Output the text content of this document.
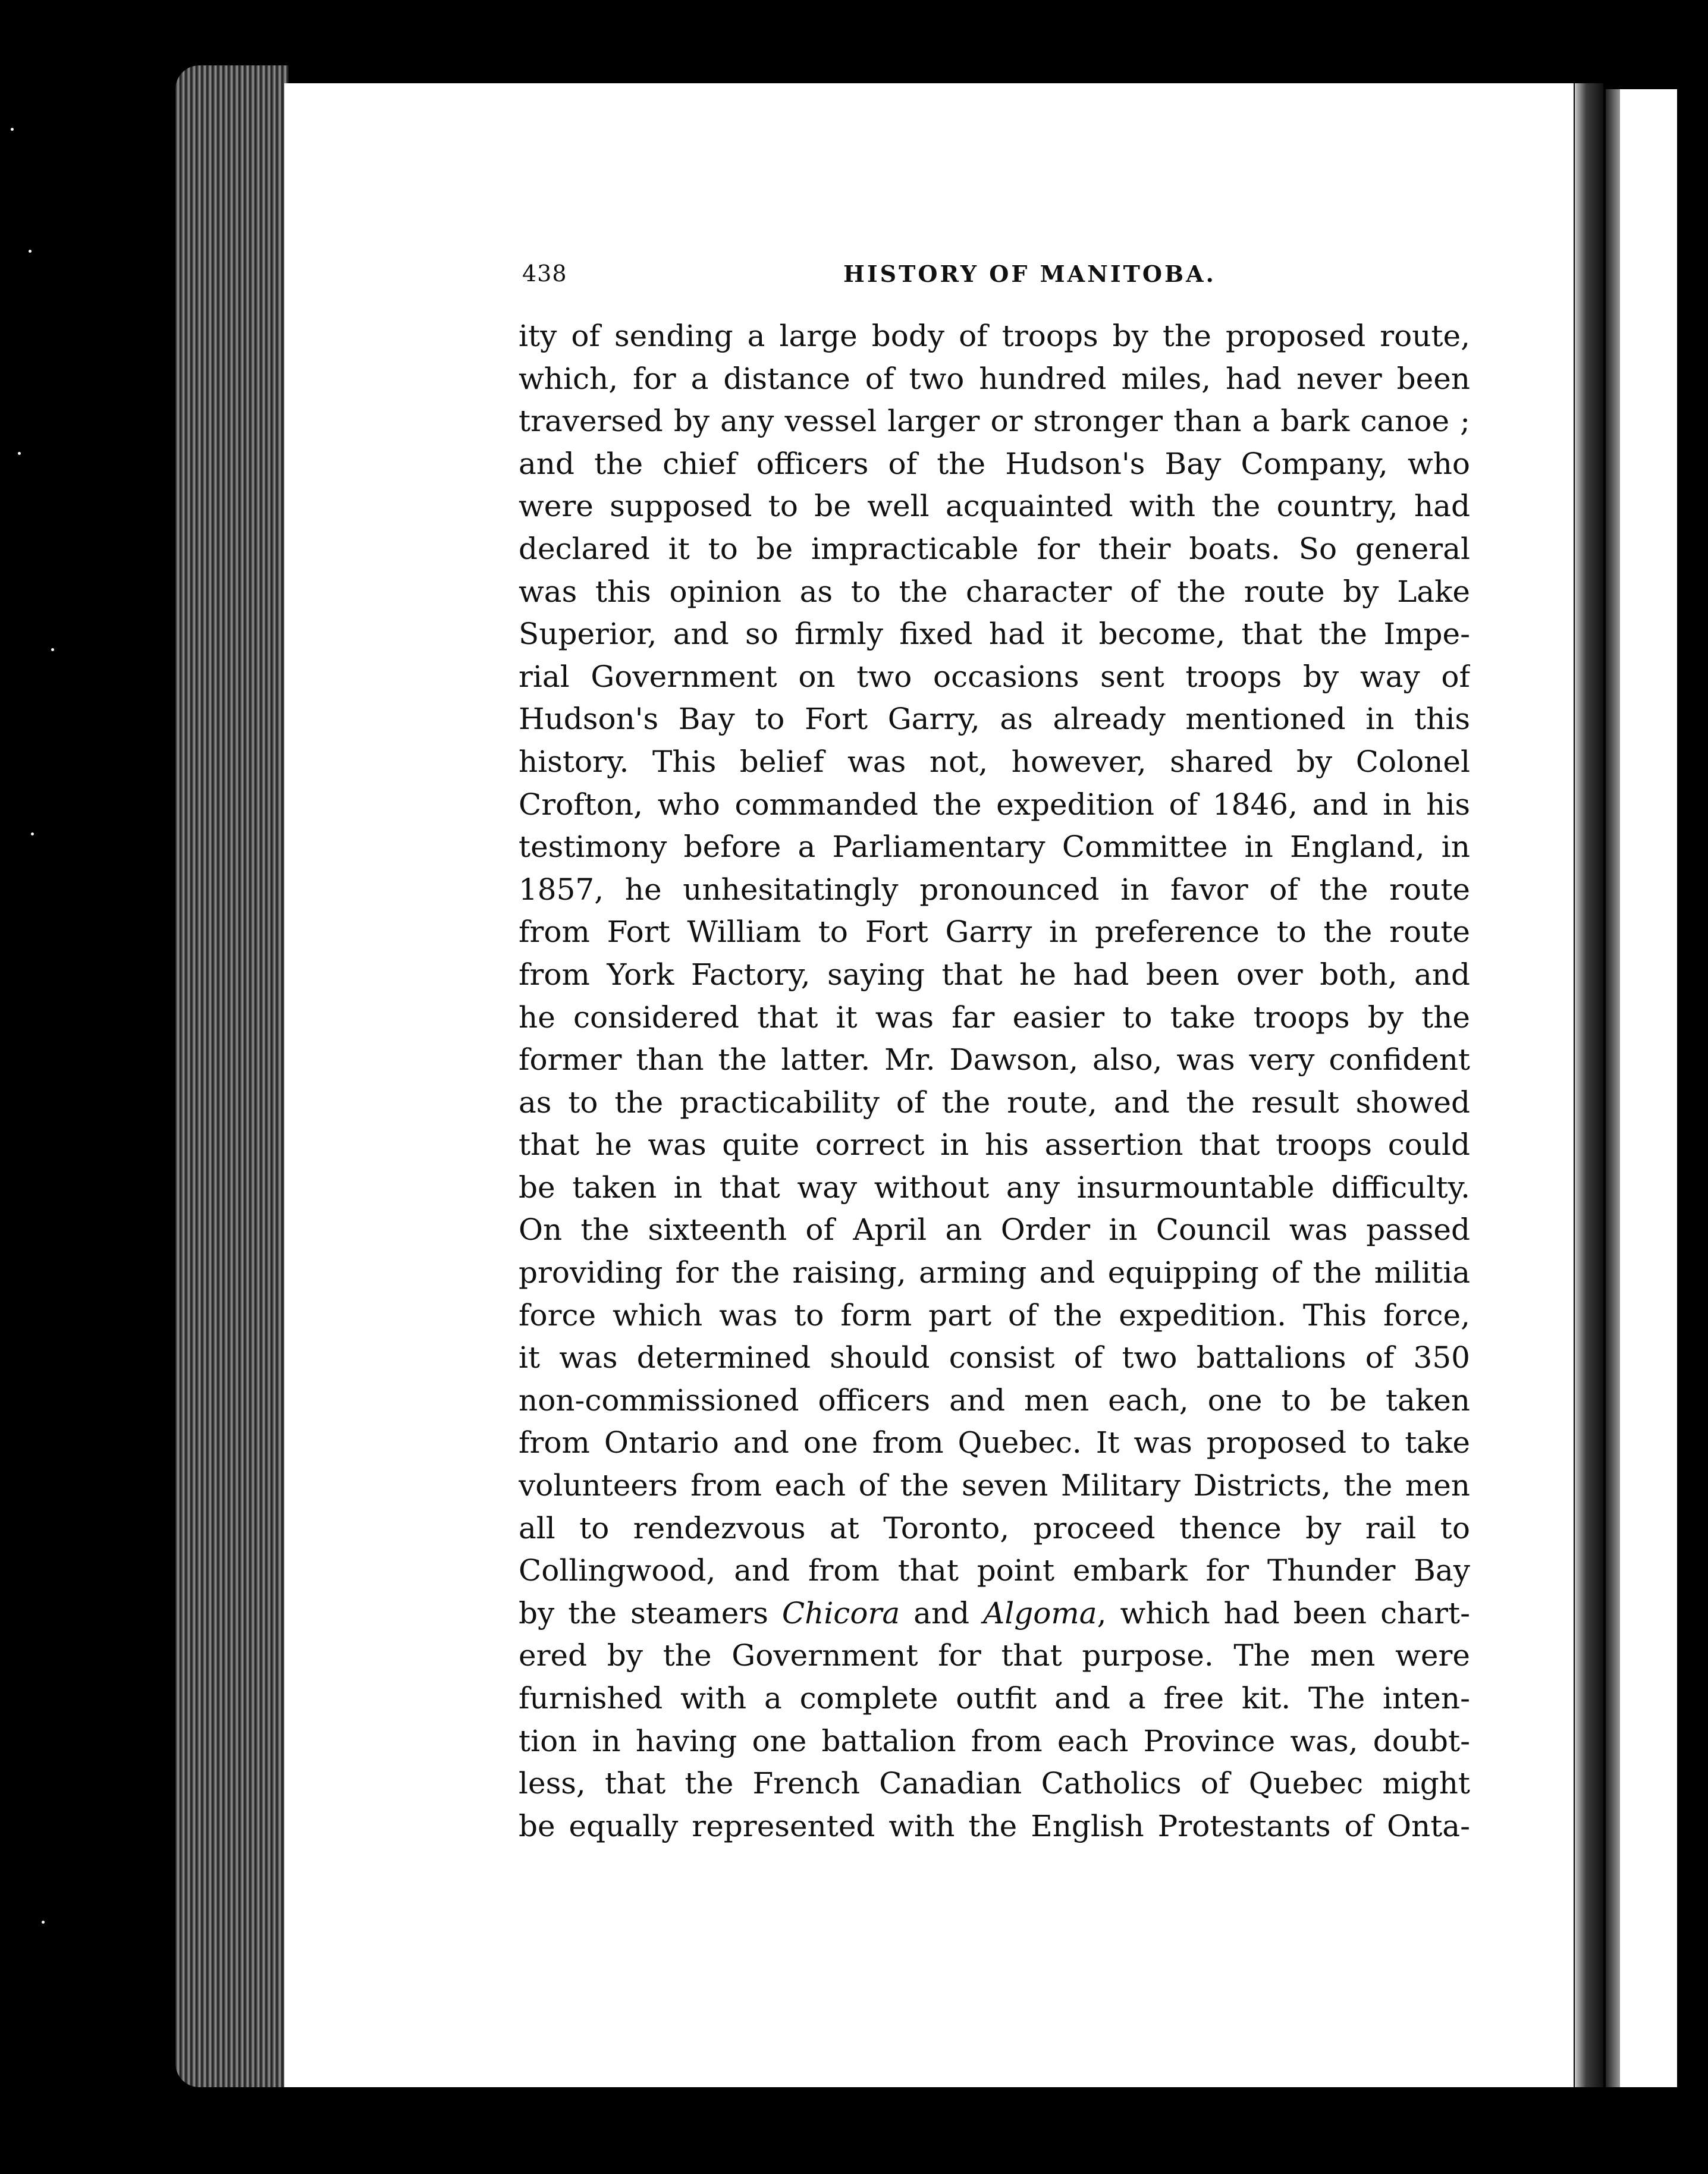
438	HISTORY OF MANITOBA.
ity of sending a large body of troops by the proposed route,
which, for a distance of two hundred miles, had never been
traversed by any vessel larger or stronger than a bark canoe ;
and the chief officers of the Hudson's Bay Company, who
were supposed to be well acquainted with the country, had
declared it to be impracticable for their boats. So general
was this opinion as to the character of the route by Lake
Superior, and so firmly fixed had it become, that the Impe-
rial Government on two occasions sent troops by way of
Hudson's Bay to Fort Garry, as already mentioned in this
history. This belief was not, however, shared by Colonel
Crofton, who commanded the expedition of 1846, and in his
testimony before a Parliamentary Committee in England, in
1857, he unhesitatingly pronounced in favor of the route
from Fort William to Fort Garry in preference to the route
from York Factory, saying that he had been over both, and
he considered that it was far easier to take troops by the
former than the latter. Mr. Dawson, also, was very confident
as to the practicability of the route, and the result showed
that he was quite correct in his assertion that troops could
be taken in that way without any insurmountable difficulty.
On the sixteenth of April an Order in Council was passed
providing for the raising, arming and equipping of the militia
force which was to form part of the expedition. This force,
it was determined should consist of two battalions of 350
non-commissioned officers and men each, one to be taken
from Ontario and one from Quebec. It was proposed to take
volunteers from each of the seven Military Districts, the men
all to rendezvous at Toronto, proceed thence by rail to
Collingwood, and from that point embark for Thunder Bay
by the steamers Chicora and Algoma, which had been chart-
ered by the Government for that purpose. The men were
furnished with a complete outfit and a free kit. The inten-
tion in having one battalion from each Province was, doubt-
less, that the French Canadian Catholics of Quebec might
be equally represented with the English Protestants of Onta-
